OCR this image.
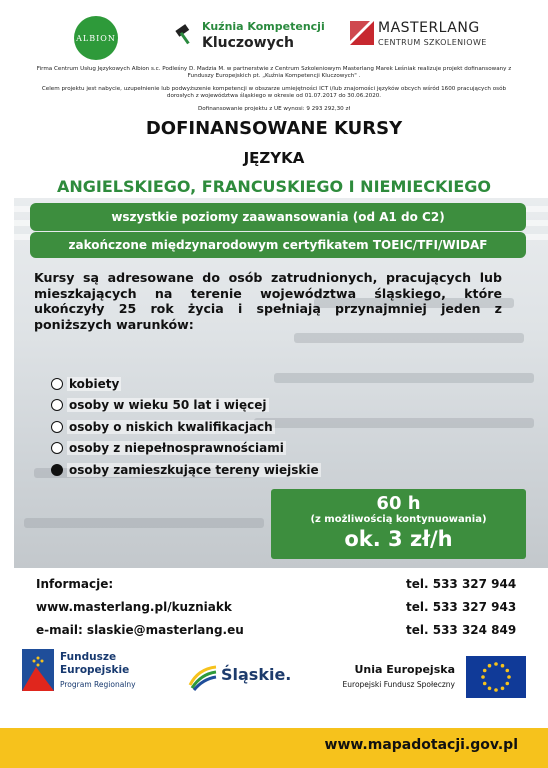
ALBION
Kuźnia Kompetencji
Kluczowych
MASTERLANG
CENTRUM SZKOLENIOWE
Firma Centrum Usług Językowych Albion s.c. Podleśny D. Madzia M. w partnerstwie z Centrum Szkoleniowym Masterlang Marek Leśniak realizuje projekt dofinansowany z Funduszy Europejskich pt. „Kuźnia Kompetencji Kluczowych" .
Celem projektu jest nabycie, uzupełnienie lub podwyższenie kompetencji w obszarze umiejętności ICT i/lub znajomości języków obcych wśród 1600 pracujących osób dorosłych z województwa śląskiego w okresie od 01.07.2017 do 30.06.2020.
Dofinansowanie projektu z UE wynosi: 9 293 292,30 zł
DOFINANSOWANE KURSY
JĘZYKA
ANGIELSKIEGO, FRANCUSKIEGO I NIEMIECKIEGO
wszystkie poziomy zaawansowania (od A1 do C2)
zakończone międzynarodowym certyfikatem TOEIC/TFI/WIDAF
Kursy są adresowane do osób zatrudnionych, pracujących lub mieszkających na terenie województwa śląskiego, które ukończyły 25 rok życia i spełniają przynajmniej jeden z poniższych warunków:
kobiety
osoby w wieku 50 lat i więcej
osoby o niskich kwalifikacjach
osoby z niepełnosprawnościami
osoby zamieszkujące tereny wiejskie
60 h
(z możliwością kontynuowania)
ok. 3 zł/h
Informacje:
www.masterlang.pl/kuzniakk
e-mail: slaskie@masterlang.eu
tel. 533 327 944
tel. 533 327 943
tel. 533 324 849
Fundusze
Europejskie
Program Regionalny
Śląskie.	Unia Europejska
Europejski Fundusz Społeczny
www.mapadotacji.gov.pl
